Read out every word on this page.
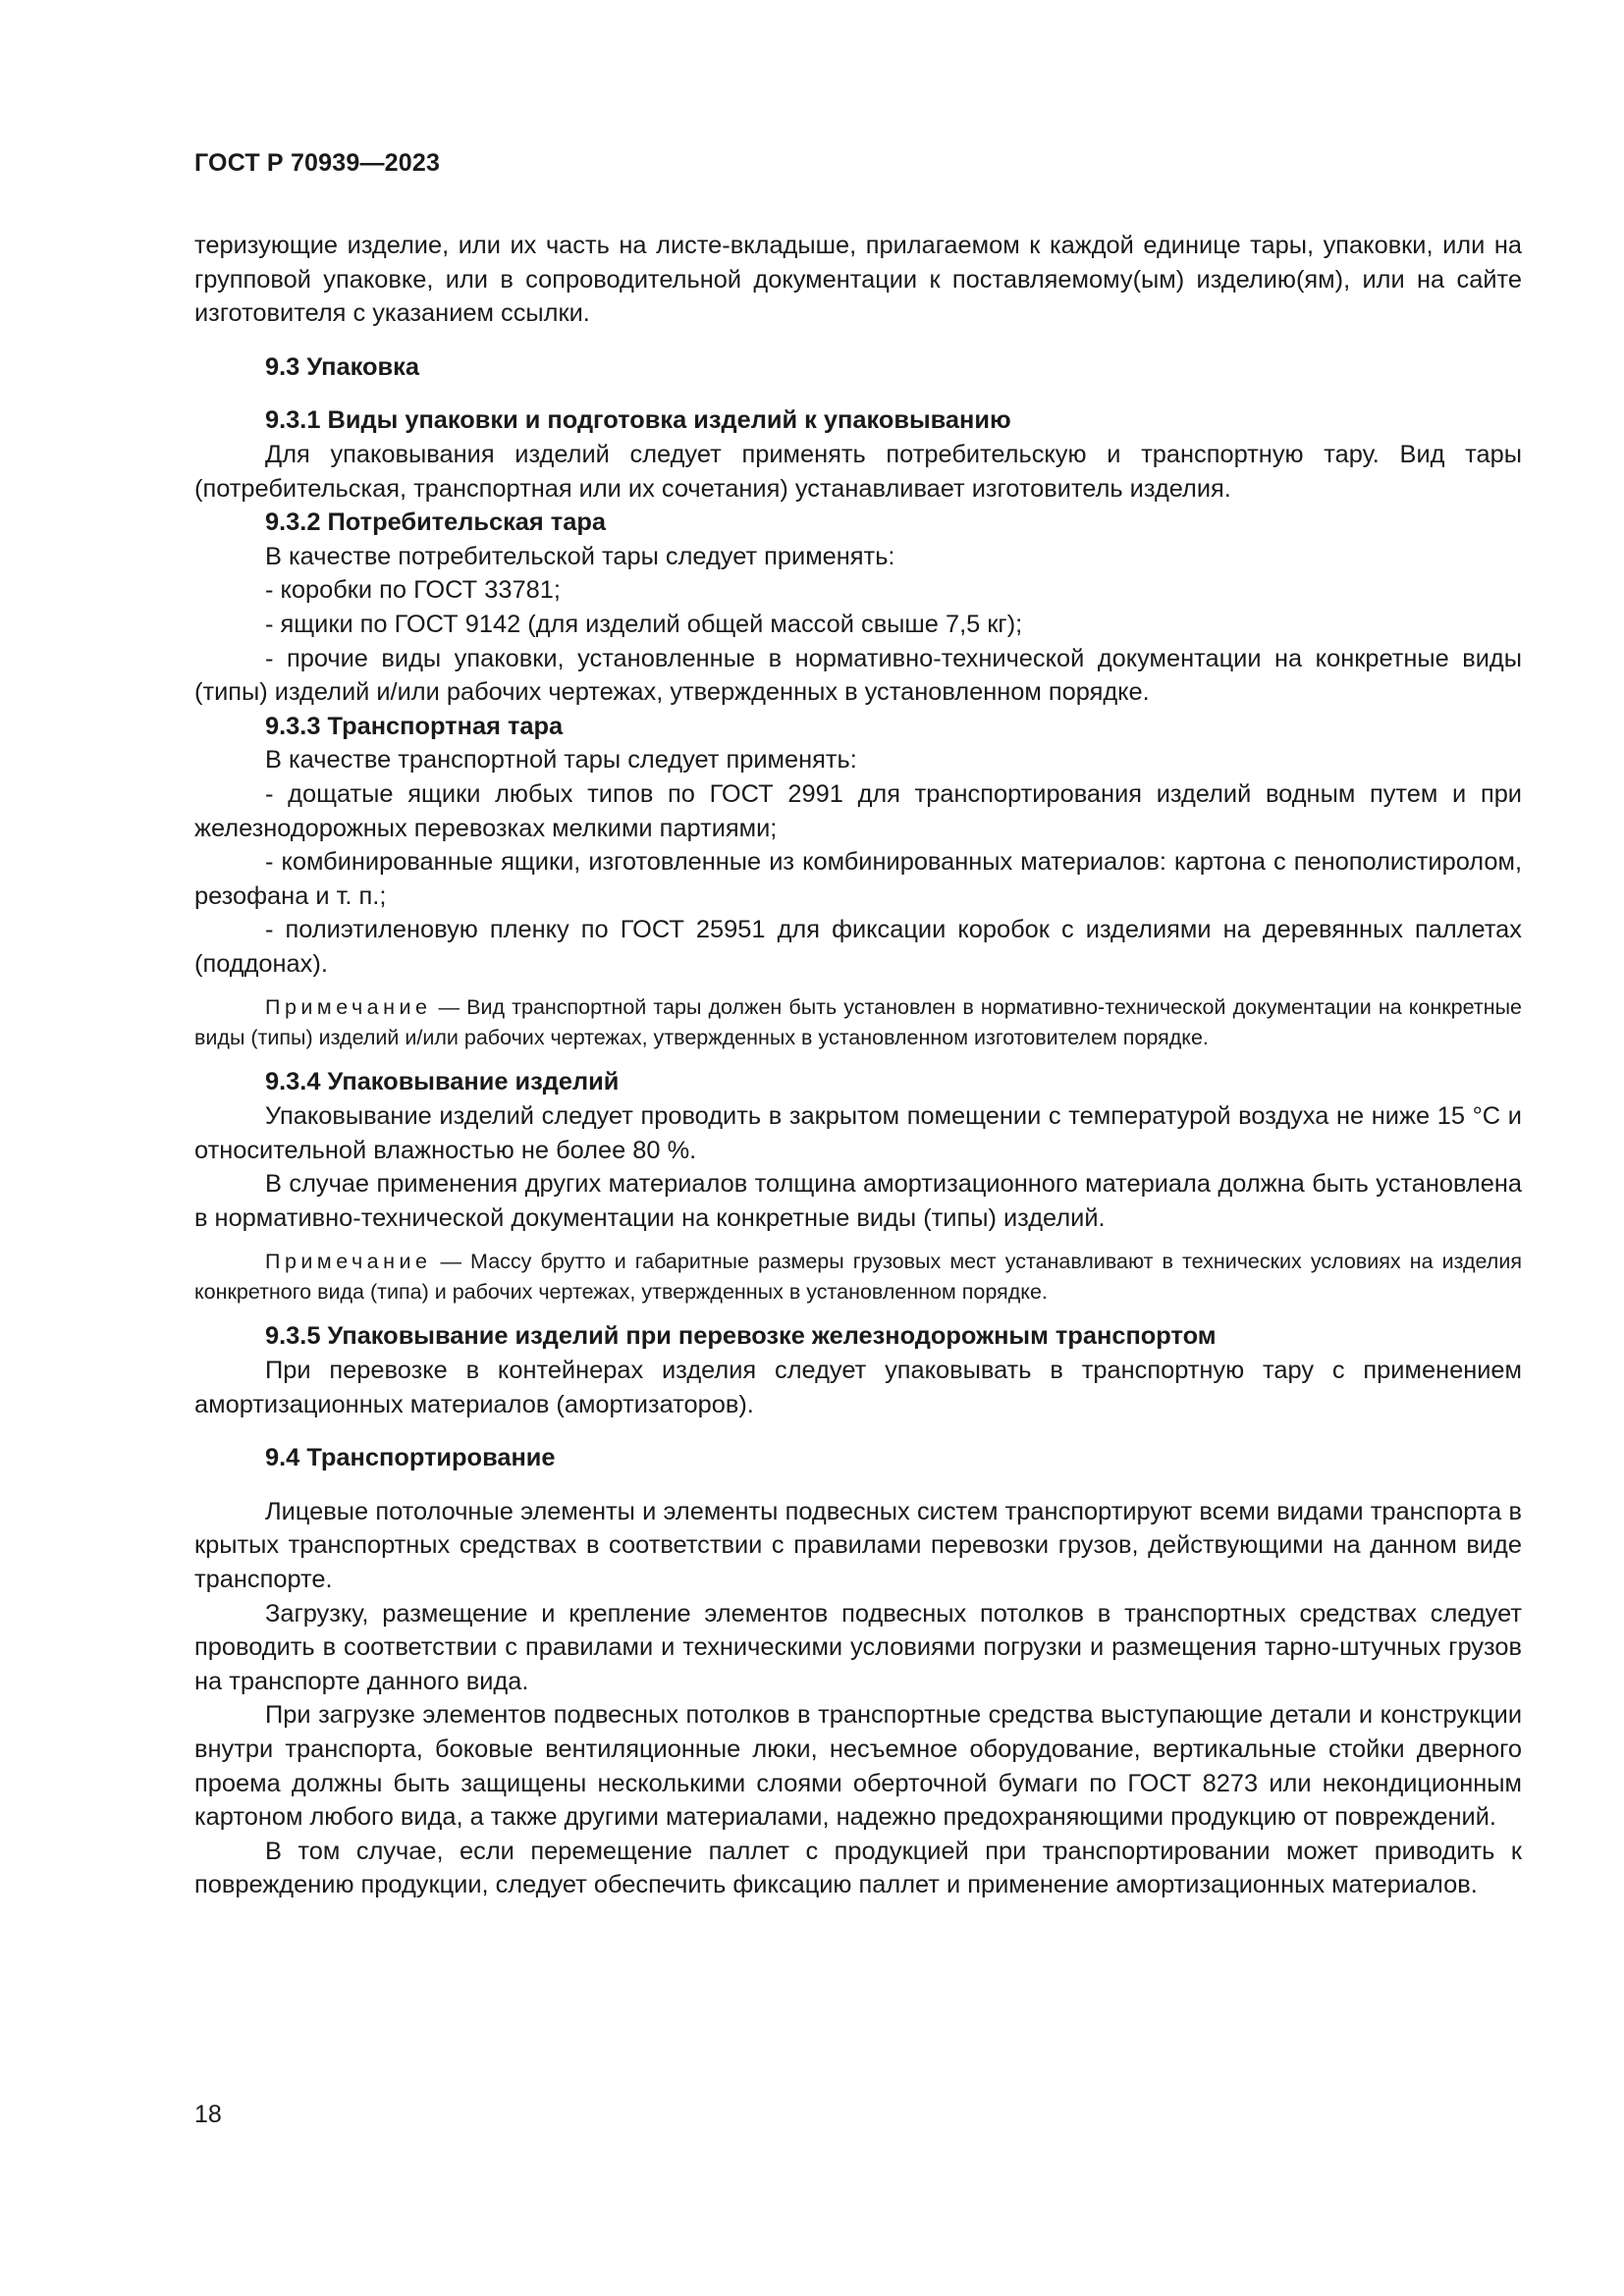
ГОСТ Р 70939—2023

теризующие изделие, или их часть на листе-вкладыше, прилагаемом к каждой единице тары, упаковки, или на групповой упаковке, или в сопроводительной документации к поставляемому(ым) изделию(ям), или на сайте изготовителя с указанием ссылки.

9.3 Упаковка

9.3.1 Виды упаковки и подготовка изделий к упаковыванию

Для упаковывания изделий следует применять потребительскую и транспортную тару. Вид тары (потребительская, транспортная или их сочетания) устанавливает изготовитель изделия.

9.3.2 Потребительская тара

В качестве потребительской тары следует применять:

- коробки по ГОСТ 33781;

- ящики по ГОСТ 9142 (для изделий общей массой свыше 7,5 кг);

- прочие виды упаковки, установленные в нормативно-технической документации на конкретные виды (типы) изделий и/или рабочих чертежах, утвержденных в установленном порядке.

9.3.3 Транспортная тара

В качестве транспортной тары следует применять:

- дощатые ящики любых типов по ГОСТ 2991 для транспортирования изделий водным путем и при железнодорожных перевозках мелкими партиями;

- комбинированные ящики, изготовленные из комбинированных материалов: картона с пенополистиролом, резофана и т. п.;

- полиэтиленовую пленку по ГОСТ 25951 для фиксации коробок с изделиями на деревянных паллетах (поддонах).

Примечание — Вид транспортной тары должен быть установлен в нормативно-технической документации на конкретные виды (типы) изделий и/или рабочих чертежах, утвержденных в установленном изготовителем порядке.

9.3.4 Упаковывание изделий

Упаковывание изделий следует проводить в закрытом помещении с температурой воздуха не ниже 15 °С и относительной влажностью не более 80 %.

В случае применения других материалов толщина амортизационного материала должна быть установлена в нормативно-технической документации на конкретные виды (типы) изделий.

Примечание — Массу брутто и габаритные размеры грузовых мест устанавливают в технических условиях на изделия конкретного вида (типа) и рабочих чертежах, утвержденных в установленном порядке.

9.3.5 Упаковывание изделий при перевозке железнодорожным транспортом

При перевозке в контейнерах изделия следует упаковывать в транспортную тару с применением амортизационных материалов (амортизаторов).

9.4 Транспортирование

Лицевые потолочные элементы и элементы подвесных систем транспортируют всеми видами транспорта в крытых транспортных средствах в соответствии с правилами перевозки грузов, действующими на данном виде транспорте.

Загрузку, размещение и крепление элементов подвесных потолков в транспортных средствах следует проводить в соответствии с правилами и техническими условиями погрузки и размещения тарно-штучных грузов на транспорте данного вида.

При загрузке элементов подвесных потолков в транспортные средства выступающие детали и конструкции внутри транспорта, боковые вентиляционные люки, несъемное оборудование, вертикальные стойки дверного проема должны быть защищены несколькими слоями оберточной бумаги по ГОСТ 8273 или некондиционным картоном любого вида, а также другими материалами, надежно предохраняющими продукцию от повреждений.

В том случае, если перемещение паллет с продукцией при транспортировании может приводить к повреждению продукции, следует обеспечить фиксацию паллет и применение амортизационных материалов.

18
